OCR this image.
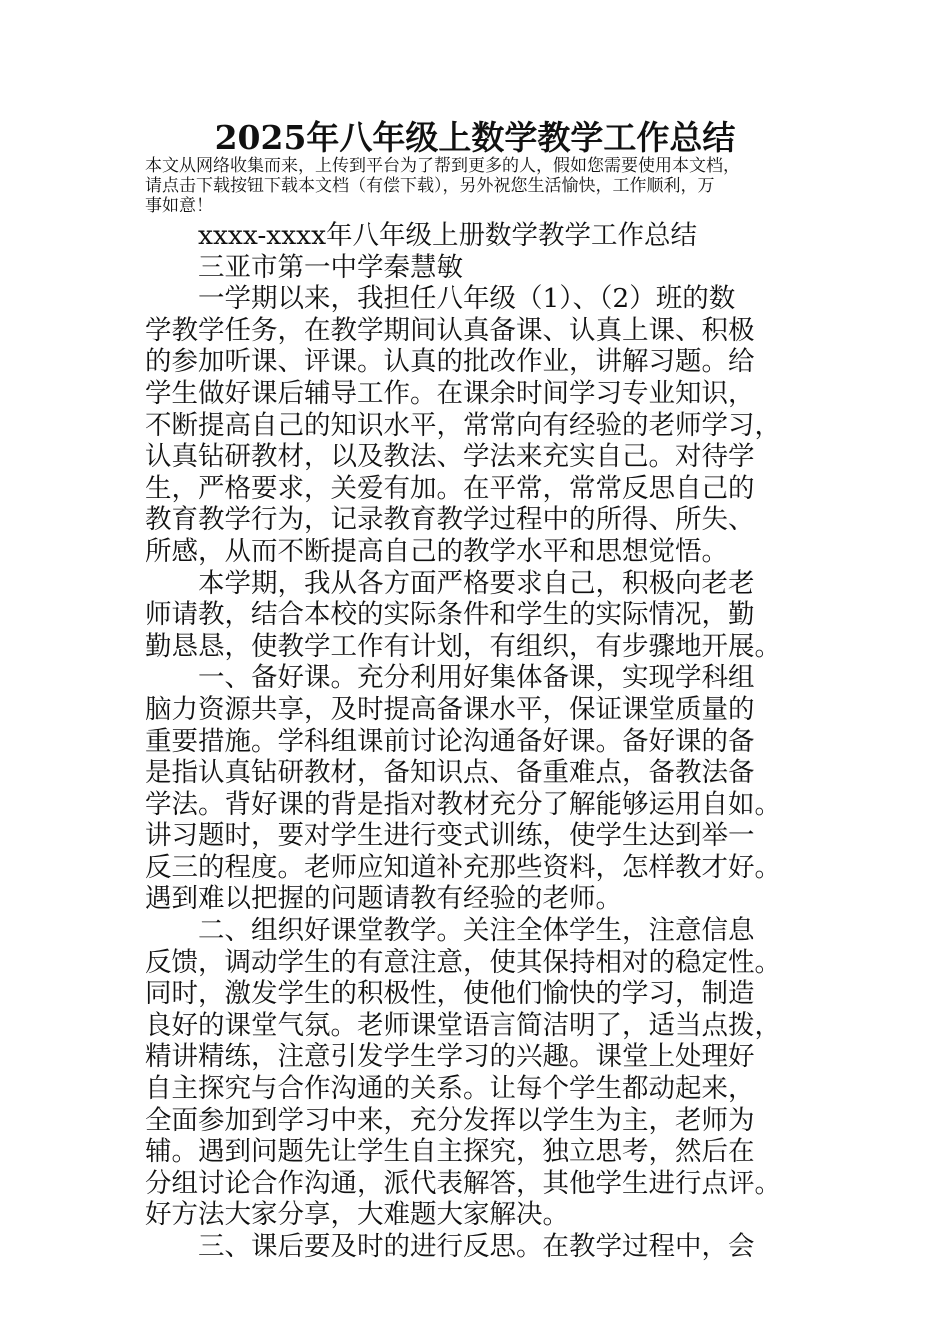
2025年八年级上数学教学工作总结
本文从网络收集而来，上传到平台为了帮到更多的人，假如您需要使用本文档，
请点击下载按钮下载本文档（有偿下载），另外祝您生活愉快，工作顺利，万
事如意！
　　xxxx-xxxx年八年级上册数学教学工作总结
　　三亚市第一中学秦慧敏
　　一学期以来，我担任八年级（1）、（2）班的数
学教学任务，在教学期间认真备课、认真上课、积极
的参加听课、评课。认真的批改作业，讲解习题。给
学生做好课后辅导工作。在课余时间学习专业知识，
不断提高自己的知识水平，常常向有经验的老师学习，
认真钻研教材，以及教法、学法来充实自己。对待学
生，严格要求，关爱有加。在平常，常常反思自己的
教育教学行为，记录教育教学过程中的所得、所失、
所感，从而不断提高自己的教学水平和思想觉悟。
　　本学期，我从各方面严格要求自己，积极向老老
师请教，结合本校的实际条件和学生的实际情况，勤
勤恳恳，使教学工作有计划，有组织，有步骤地开展。
　　一、备好课。充分利用好集体备课，实现学科组
脑力资源共享，及时提高备课水平，保证课堂质量的
重要措施。学科组课前讨论沟通备好课。备好课的备
是指认真钻研教材，备知识点、备重难点，备教法备
学法。背好课的背是指对教材充分了解能够运用自如。
讲习题时，要对学生进行变式训练，使学生达到举一
反三的程度。老师应知道补充那些资料，怎样教才好。
遇到难以把握的问题请教有经验的老师。
　　二、组织好课堂教学。关注全体学生，注意信息
反馈，调动学生的有意注意，使其保持相对的稳定性。
同时，激发学生的积极性，使他们愉快的学习，制造
良好的课堂气氛。老师课堂语言简洁明了，适当点拨，
精讲精练，注意引发学生学习的兴趣。课堂上处理好
自主探究与合作沟通的关系。让每个学生都动起来，
全面参加到学习中来，充分发挥以学生为主，老师为
辅。遇到问题先让学生自主探究，独立思考，然后在
分组讨论合作沟通，派代表解答，其他学生进行点评。
好方法大家分享，大难题大家解决。
　　三、课后要及时的进行反思。在教学过程中，会
